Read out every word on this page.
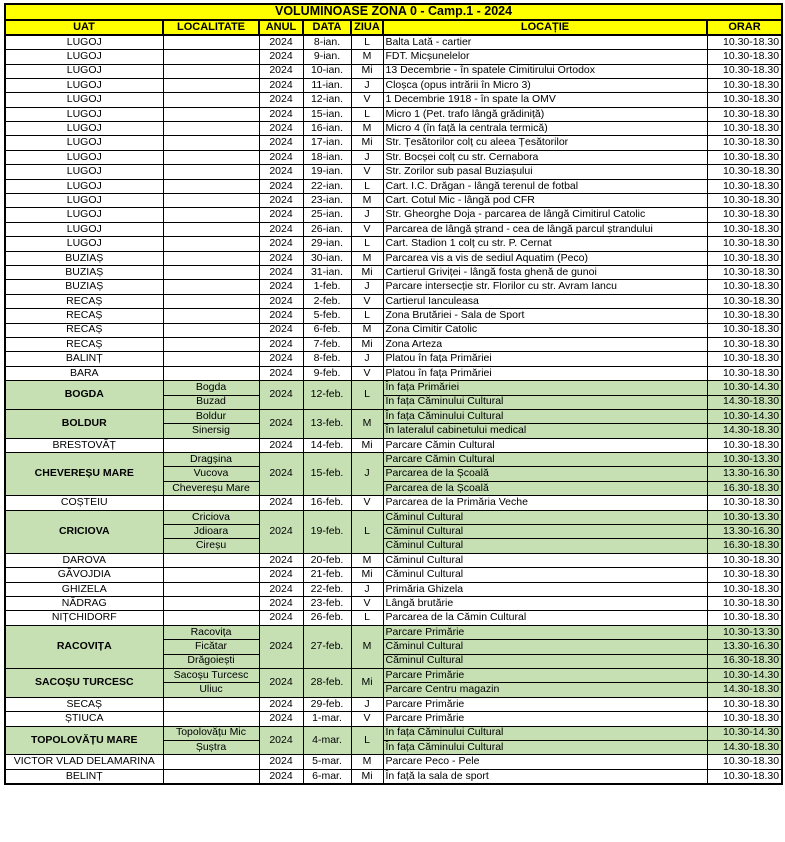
VOLUMINOASE ZONA 0 - Camp.1 - 2024						
UAT	LOCALITATE	ANUL	DATA	ZIUA	LOCAȚIE	ORAR
LUGOJ		2024	8-ian.	L	Balta Lată - cartier	10.30-18.30
LUGOJ		2024	9-ian.	M	FDT. Micșunelelor	10.30-18.30
LUGOJ		2024	10-ian.	Mi	13 Decembrie - în spatele Cimitirului Ortodox	10.30-18.30
LUGOJ		2024	11-ian.	J	Cloșca (opus intrării în Micro 3)	10.30-18.30
LUGOJ		2024	12-ian.	V	1 Decembrie 1918 - în spate la OMV	10.30-18.30
LUGOJ		2024	15-ian.	L	Micro 1 (Pet. trafo lângă grădiniță)	10.30-18.30
LUGOJ		2024	16-ian.	M	Micro 4 (în față la centrala termică)	10.30-18.30
LUGOJ		2024	17-ian.	Mi	Str. Țesătorilor colț cu aleea Țesătorilor	10.30-18.30
LUGOJ		2024	18-ian.	J	Str. Bocșei colț cu str. Cernabora	10.30-18.30
LUGOJ		2024	19-ian.	V	Str. Zorilor sub pasal Buziașului	10.30-18.30
LUGOJ		2024	22-ian.	L	Cart. I.C. Drăgan - lângă terenul de fotbal	10.30-18.30
LUGOJ		2024	23-ian.	M	Cart. Cotul Mic - lângă pod CFR	10.30-18.30
LUGOJ		2024	25-ian.	J	Str. Gheorghe Doja - parcarea de lângă Cimitirul Catolic	10.30-18.30
LUGOJ		2024	26-ian.	V	Parcarea de lângă ștrand - cea de lângă parcul ștrandului	10.30-18.30
LUGOJ		2024	29-ian.	L	Cart. Stadion 1 colț cu str. P. Cernat	10.30-18.30
BUZIAȘ		2024	30-ian.	M	Parcarea vis a vis de sediul Aquatim (Peco)	10.30-18.30
BUZIAȘ		2024	31-ian.	Mi	Cartierul Griviței - lângă fosta ghenă de gunoi	10.30-18.30
BUZIAȘ		2024	1-feb.	J	Parcare intersecție str. Florilor cu str. Avram Iancu	10.30-18.30
RECAȘ		2024	2-feb.	V	Cartierul Ianculeasa	10.30-18.30
RECAȘ		2024	5-feb.	L	Zona Brutăriei - Sala de Sport	10.30-18.30
RECAȘ		2024	6-feb.	M	Zona Cimitir Catolic	10.30-18.30
RECAȘ		2024	7-feb.	Mi	Zona Arteza	10.30-18.30
BALINȚ		2024	8-feb.	J	Platou în fața Primăriei	10.30-18.30
BARA		2024	9-feb.	V	Platou în fața Primăriei	10.30-18.30
BOGDA	Bogda	2024	12-feb.	L	În fața Primăriei	10.30-14.30
	Buzad				În fața Căminului Cultural	14.30-18.30
BOLDUR	Boldur	2024	13-feb.	M	În fața Căminului Cultural	10.30-14.30
	Sinersig				În lateralul cabinetului medical	14.30-18.30
BRESTOVĂȚ		2024	14-feb.	Mi	Parcare Cămin Cultural	10.30-18.30
CHEVEREȘU MARE	Dragșina	2024	15-feb.	J	Parcare Cămin Cultural	10.30-13.30
	Vucova				Parcarea de la Școală	13.30-16.30
	Chevereșu Mare				Parcarea de la Școală	16.30-18.30
COȘTEIU		2024	16-feb.	V	Parcarea de la Primăria Veche	10.30-18.30
CRICIOVA	Criciova	2024	19-feb.	L	Căminul Cultural	10.30-13.30
	Jdioara				Căminul Cultural	13.30-16.30
	Cireșu				Căminul Cultural	16.30-18.30
DAROVA		2024	20-feb.	M	Căminul Cultural	10.30-18.30
GĂVOJDIA		2024	21-feb.	Mi	Căminul Cultural	10.30-18.30
GHIZELA		2024	22-feb.	J	Primăria Ghizela	10.30-18.30
NĂDRAG		2024	23-feb.	V	Lângă brutărie	10.30-18.30
NIȚCHIDORF		2024	26-feb.	L	Parcarea de la Cămin Cultural	10.30-18.30
RACOVIȚA	Racovița	2024	27-feb.	M	Parcare Primărie	10.30-13.30
	Ficătar				Căminul Cultural	13.30-16.30
	Drăgoiești				Căminul Cultural	16.30-18.30
SACOȘU TURCESC	Sacoșu Turcesc	2024	28-feb.	Mi	Parcare Primărie	10.30-14.30
	Uliuc				Parcare Centru magazin	14.30-18.30
SECAȘ		2024	29-feb.	J	Parcare Primărie	10.30-18.30
ȘTIUCA		2024	1-mar.	V	Parcare Primărie	10.30-18.30
TOPOLOVĂȚU MARE	Topolovățu Mic	2024	4-mar.	L	În fața Căminului Cultural	10.30-14.30
	Șuștra				În fața Căminului Cultural	14.30-18.30
VICTOR VLAD DELAMARINA		2024	5-mar.	M	Parcare Peco - Pele	10.30-18.30
BELINȚ		2024	6-mar.	Mi	În față la sala de sport	10.30-18.30
